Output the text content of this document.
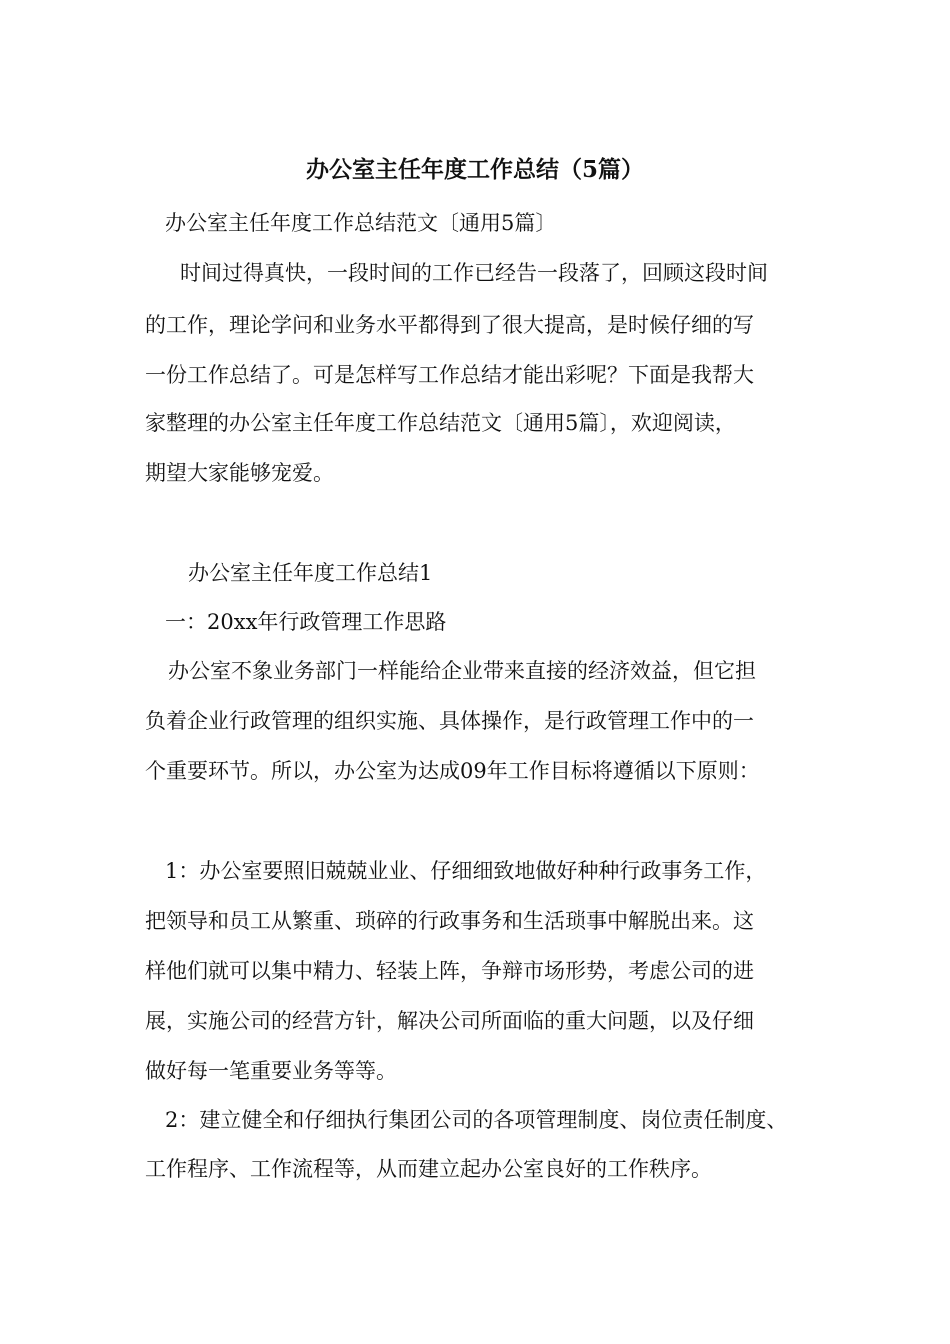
办公室主任年度工作总结（5篇）
办公室主任年度工作总结范文〔通用5篇〕
时间过得真快，一段时间的工作已经告一段落了，回顾这段时间
的工作，理论学问和业务水平都得到了很大提高，是时候仔细的写
一份工作总结了。可是怎样写工作总结才能出彩呢？下面是我帮大
家整理的办公室主任年度工作总结范文〔通用5篇〕，欢迎阅读，
期望大家能够宠爱。
办公室主任年度工作总结1
一：20xx年行政管理工作思路
办公室不象业务部门一样能给企业带来直接的经济效益，但它担
负着企业行政管理的组织实施、具体操作，是行政管理工作中的一
个重要环节。所以，办公室为达成09年工作目标将遵循以下原则：
1：办公室要照旧兢兢业业、仔细细致地做好种种行政事务工作，
把领导和员工从繁重、琐碎的行政事务和生活琐事中解脱出来。这
样他们就可以集中精力、轻装上阵，争辩市场形势，考虑公司的进
展，实施公司的经营方针，解决公司所面临的重大问题，以及仔细
做好每一笔重要业务等等。
2：建立健全和仔细执行集团公司的各项管理制度、岗位责任制度、
工作程序、工作流程等，从而建立起办公室良好的工作秩序。
